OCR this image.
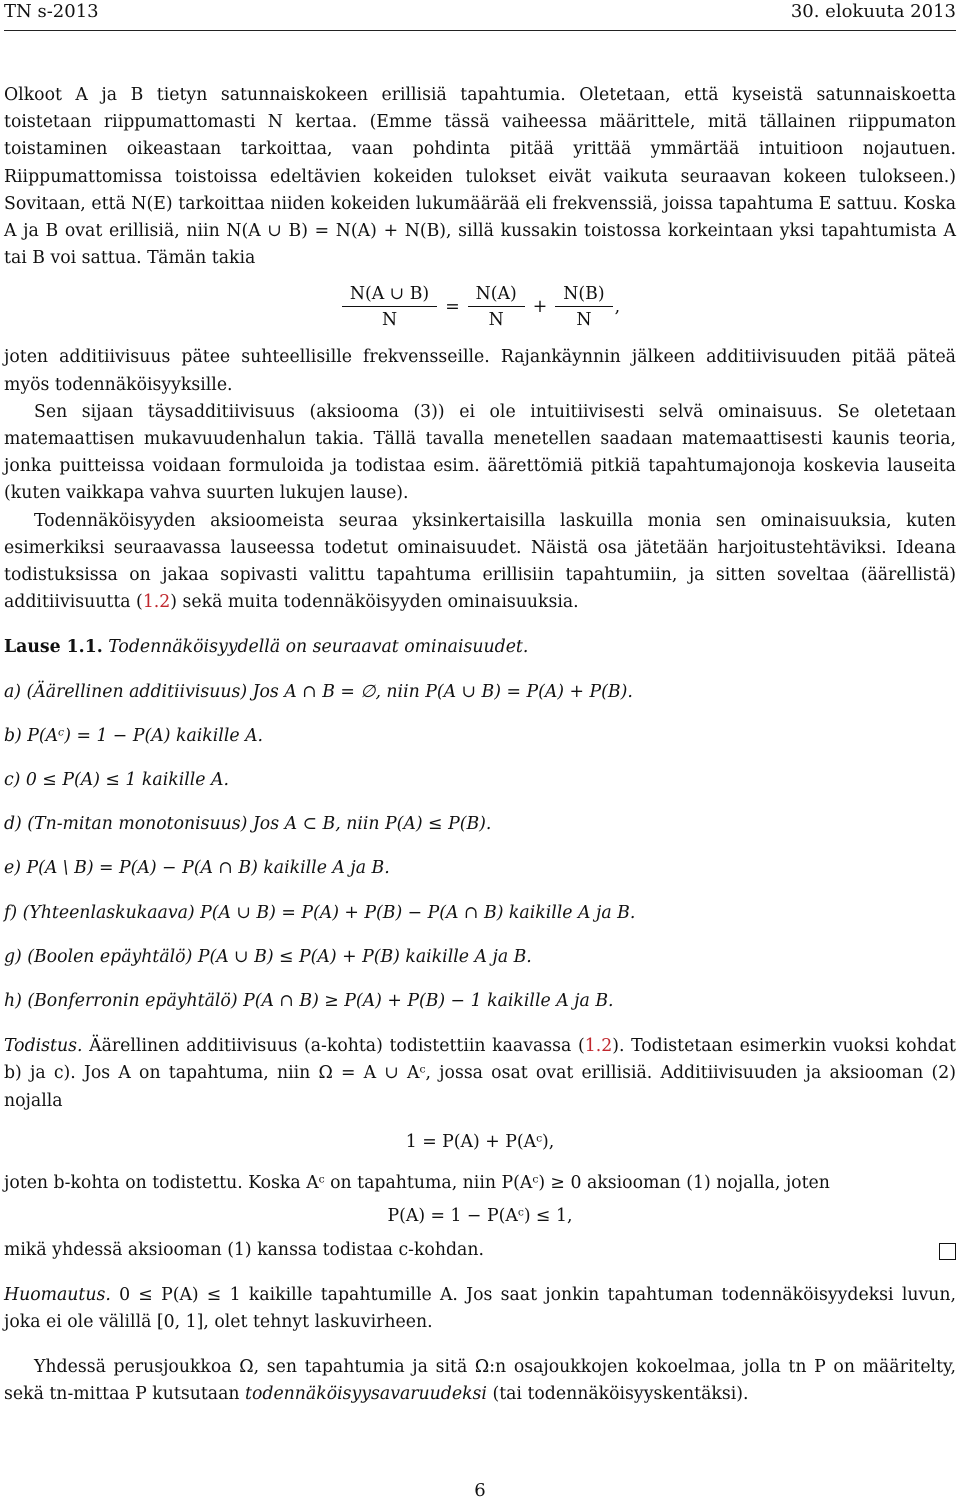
TN s-2013	30. elokuuta 2013

Olkoot A ja B tietyn satunnaiskokeen erillisiä tapahtumia. Oletetaan, että kyseistä satunnaiskoetta toistetaan riippumattomasti N kertaa. (Emme tässä vaiheessa määrittele, mitä tällainen riippumaton toistaminen oikeastaan tarkoittaa, vaan pohdinta pitää yrittää ymmärtää intuitioon nojautuen. Riippumattomissa toistoissa edeltävien kokeiden tulokset eivät vaikuta seuraavan kokeen tulokseen.) Sovitaan, että N(E) tarkoittaa niiden kokeiden lukumäärää eli frekvenssiä, joissa tapahtuma E sattuu. Koska A ja B ovat erillisiä, niin N(A ∪ B) = N(A) + N(B), sillä kussakin toistossa korkeintaan yksi tapahtumista A tai B voi sattua. Tämän takia

$\frac{N(A \cup B)}{N} = \frac{N(A)}{N} + \frac{N(B)}{N}$ ,

joten additiivisuus pätee suhteellisille frekvensseille. Rajankäynnin jälkeen additiivisuuden pitää päteä myös todennäköisyyksille.

Sen sijaan täysadditiivisuus (aksiooma (3)) ei ole intuitiivisesti selvä ominaisuus. Se oletetaan matemaattisen mukavuudenhalun takia. Tällä tavalla menetellen saadaan matemaattisesti kaunis teoria, jonka puitteissa voidaan formuloida ja todistaa esim. äärettömiä pitkiä tapahtumajonoja koskevia lauseita (kuten vaikkapa vahva suurten lukujen lause).

Todennäköisyyden aksioomeista seuraa yksinkertaisilla laskuilla monia sen ominaisuuksia, kuten esimerkiksi seuraavassa lauseessa todetut ominaisuudet. Näistä osa jätetään harjoitustehtäviksi. Ideana todistuksissa on jakaa sopivasti valittu tapahtuma erillisiin tapahtumiin, ja sitten soveltaa (äärellistä) additiivisuutta (1.2) sekä muita todennäköisyyden ominaisuuksia.

Lause 1.1. Todennäköisyydellä on seuraavat ominaisuudet.

a) (Äärellinen additiivisuus) Jos A ∩ B = ∅, niin P(A ∪ B) = P(A) + P(B).

b) P(Aᶜ) = 1 − P(A) kaikille A.

c) 0 ≤ P(A) ≤ 1 kaikille A.

d) (Tn-mitan monotonisuus) Jos A ⊂ B, niin P(A) ≤ P(B).

e) P(A \ B) = P(A) − P(A ∩ B) kaikille A ja B.

f) (Yhteenlaskukaava) P(A ∪ B) = P(A) + P(B) − P(A ∩ B) kaikille A ja B.

g) (Boolen epäyhtälö) P(A ∪ B) ≤ P(A) + P(B) kaikille A ja B.

h) (Bonferronin epäyhtälö) P(A ∩ B) ≥ P(A) + P(B) − 1 kaikille A ja B.

Todistus. Äärellinen additiivisuus (a-kohta) todistettiin kaavassa (1.2). Todistetaan esimerkin vuoksi kohdat b) ja c). Jos A on tapahtuma, niin Ω = A ∪ Aᶜ, jossa osat ovat erillisiä. Additiivisuuden ja aksiooman (2) nojalla

1 = P(A) + P(Aᶜ),

joten b-kohta on todistettu. Koska Aᶜ on tapahtuma, niin P(Aᶜ) ≥ 0 aksiooman (1) nojalla, joten

P(A) = 1 − P(Aᶜ) ≤ 1,

mikä yhdessä aksiooman (1) kanssa todistaa c-kohdan.

Huomautus. 0 ≤ P(A) ≤ 1 kaikille tapahtumille A. Jos saat jonkin tapahtuman todennäköisyydeksi luvun, joka ei ole välillä [0, 1], olet tehnyt laskuvirheen.

Yhdessä perusjoukkoa Ω, sen tapahtumia ja sitä Ω:n osajoukkojen kokoelmaa, jolla tn P on määritelty, sekä tn-mittaa P kutsutaan todennäköisyysavaruudeksi (tai todennäköisyyskentäksi).

6
